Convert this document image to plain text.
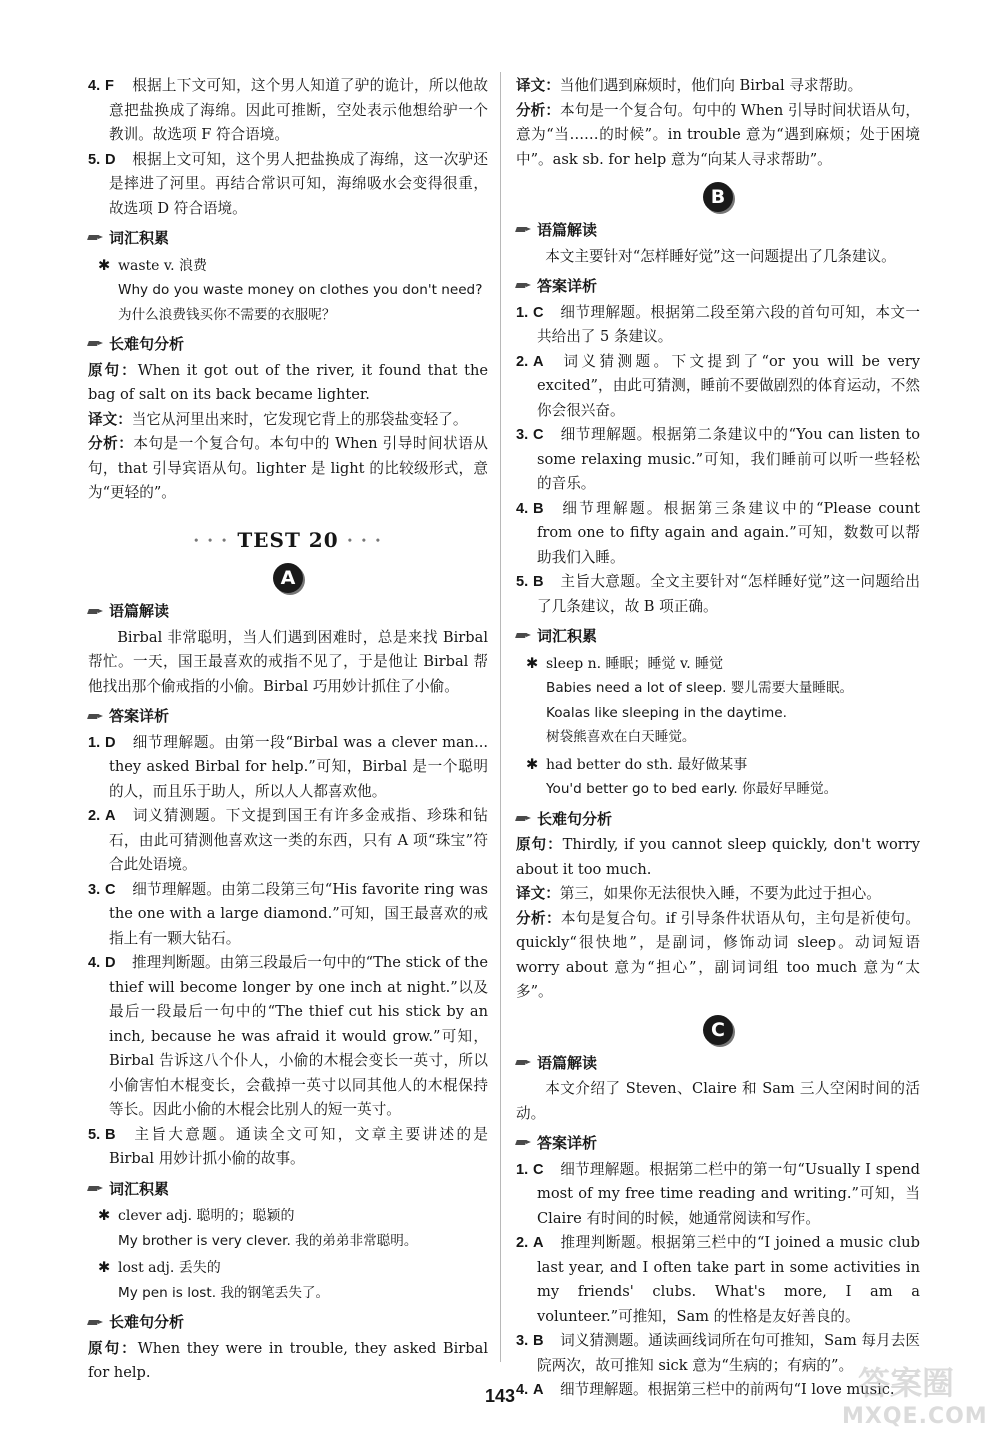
4. F 根据上下文可知，这个男人知道了驴的诡计，所以他故意把盐换成了海绵。因此可推断，空处表示他想给驴一个教训。故选项 F 符合语境。

5. D 根据上文可知，这个男人把盐换成了海绵，这一次驴还是摔进了河里。再结合常识可知，海绵吸水会变得很重，故选项 D 符合语境。

词汇积累
✱ waste v. 浪费

Why do you waste money on clothes you don't need?

为什么浪费钱买你不需要的衣服呢？

长难句分析

原句：When it got out of the river, it found that the bag of salt on its back became lighter.

译文：当它从河里出来时，它发现它背上的那袋盐变轻了。

分析：本句是一个复合句。本句中的 When 引导时间状语从句，that 引导宾语从句。lighter 是 light 的比较级形式，意为“更轻的”。

• • • TEST 20 • • •
A
语篇解读

Birbal 非常聪明，当人们遇到困难时，总是来找 Birbal 帮忙。一天，国王最喜欢的戒指不见了，于是他让 Birbal 帮他找出那个偷戒指的小偷。Birbal 巧用妙计抓住了小偷。

答案详析

1. D 细节理解题。由第一段“Birbal was a clever man... they asked Birbal for help.”可知，Birbal 是一个聪明的人，而且乐于助人，所以人人都喜欢他。

2. A 词义猜测题。下文提到国王有许多金戒指、珍珠和钻石，由此可猜测他喜欢这一类的东西，只有 A 项“珠宝”符合此处语境。

3. C 细节理解题。由第二段第三句“His favorite ring was the one with a large diamond.”可知，国王最喜欢的戒指上有一颗大钻石。

4. D 推理判断题。由第三段最后一句中的“The stick of the thief will become longer by one inch at night.”以及最后一段最后一句中的“The thief cut his stick by an inch, because he was afraid it would grow.”可知，Birbal 告诉这八个仆人，小偷的木棍会变长一英寸，所以小偷害怕木棍变长，会截掉一英寸以同其他人的木棍保持等长。因此小偷的木棍会比别人的短一英寸。

5. B 主旨大意题。通读全文可知，文章主要讲述的是 Birbal 用妙计抓小偷的故事。

词汇积累
✱ clever adj. 聪明的；聪颖的

My brother is very clever. 我的弟弟非常聪明。

✱ lost adj. 丢失的

My pen is lost. 我的钢笔丢失了。

长难句分析

原句：When they were in trouble, they asked Birbal for help.

译文：当他们遇到麻烦时，他们向 Birbal 寻求帮助。

分析：本句是一个复合句。句中的 When 引导时间状语从句，意为“当……的时候”。in trouble 意为“遇到麻烦；处于困境中”。ask sb. for help 意为“向某人寻求帮助”。

B
语篇解读

本文主要针对“怎样睡好觉”这一问题提出了几条建议。

答案详析

1. C 细节理解题。根据第二段至第六段的首句可知，本文一共给出了 5 条建议。

2. A 词义猜测题。下文提到了“or you will be very excited”，由此可猜测，睡前不要做剧烈的体育运动，不然你会很兴奋。

3. C 细节理解题。根据第二条建议中的“You can listen to some relaxing music.”可知，我们睡前可以听一些轻松的音乐。

4. B 细节理解题。根据第三条建议中的“Please count from one to fifty again and again.”可知，数数可以帮助我们入睡。

5. B 主旨大意题。全文主要针对“怎样睡好觉”这一问题给出了几条建议，故 B 项正确。

词汇积累
✱ sleep n. 睡眠；睡觉 v. 睡觉

Babies need a lot of sleep. 婴儿需要大量睡眠。

Koalas like sleeping in the daytime.

树袋熊喜欢在白天睡觉。

✱ had better do sth. 最好做某事

You'd better go to bed early. 你最好早睡觉。

长难句分析

原句：Thirdly, if you cannot sleep quickly, don't worry about it too much.

译文：第三，如果你无法很快入睡，不要为此过于担心。

分析：本句是复合句。if 引导条件状语从句，主句是祈使句。quickly“很快地”，是副词，修饰动词 sleep。动词短语 worry about 意为“担心”，副词词组 too much 意为“太多”。

C
语篇解读

本文介绍了 Steven、Claire 和 Sam 三人空闲时间的活动。

答案详析

1. C 细节理解题。根据第二栏中的第一句“Usually I spend most of my free time reading and writing.”可知，当 Claire 有时间的时候，她通常阅读和写作。

2. A 推理判断题。根据第三栏中的“I joined a music club last year, and I often take part in some activities in my friends' clubs. What's more, I am a volunteer.”可推知，Sam 的性格是友好善良的。

3. B 词义猜测题。通读画线词所在句可推知，Sam 每月去医院两次，故可推知 sick 意为“生病的；有病的”。

4. A 细节理解题。根据第三栏中的前两句“I love music.

143	答案圈
MXQE.COM
